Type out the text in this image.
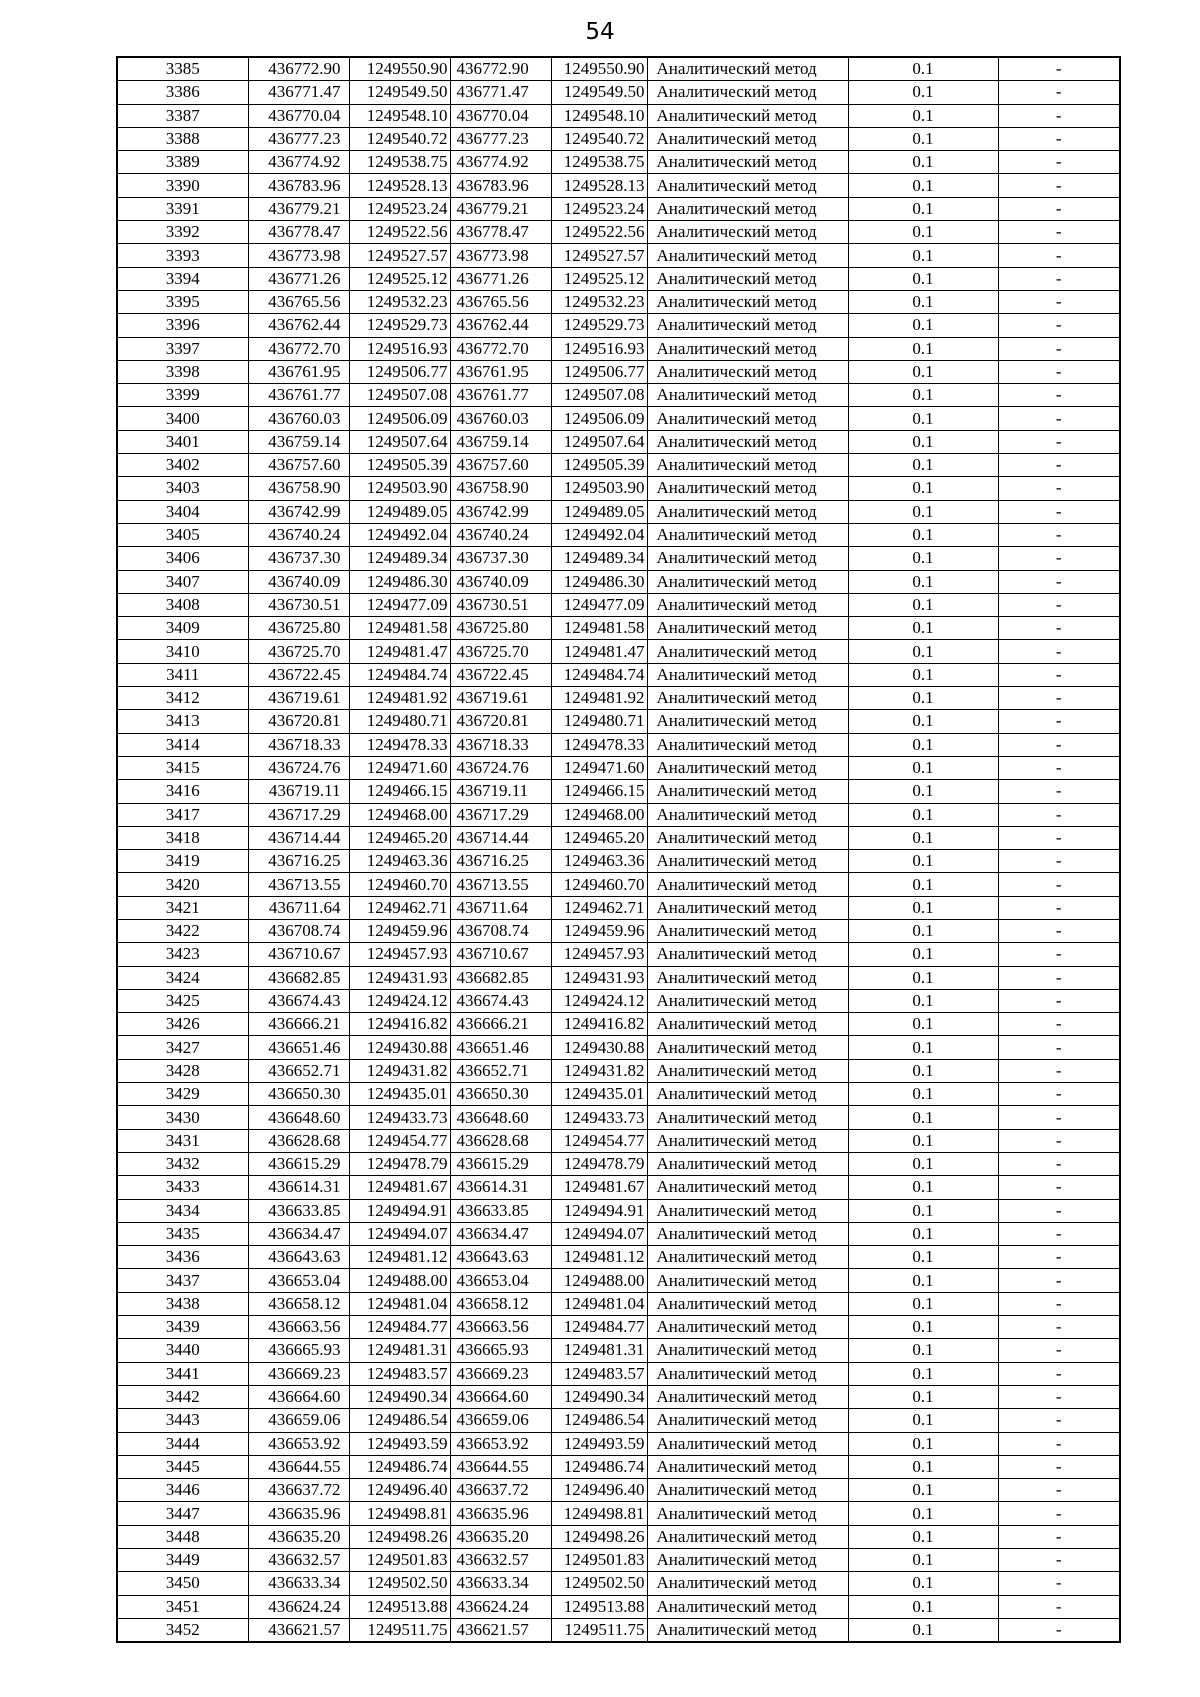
54
3385	436772.90	1249550.90	436772.90	1249550.90	Аналитический метод	0.1	-
3386	436771.47	1249549.50	436771.47	1249549.50	Аналитический метод	0.1	-
3387	436770.04	1249548.10	436770.04	1249548.10	Аналитический метод	0.1	-
3388	436777.23	1249540.72	436777.23	1249540.72	Аналитический метод	0.1	-
3389	436774.92	1249538.75	436774.92	1249538.75	Аналитический метод	0.1	-
3390	436783.96	1249528.13	436783.96	1249528.13	Аналитический метод	0.1	-
3391	436779.21	1249523.24	436779.21	1249523.24	Аналитический метод	0.1	-
3392	436778.47	1249522.56	436778.47	1249522.56	Аналитический метод	0.1	-
3393	436773.98	1249527.57	436773.98	1249527.57	Аналитический метод	0.1	-
3394	436771.26	1249525.12	436771.26	1249525.12	Аналитический метод	0.1	-
3395	436765.56	1249532.23	436765.56	1249532.23	Аналитический метод	0.1	-
3396	436762.44	1249529.73	436762.44	1249529.73	Аналитический метод	0.1	-
3397	436772.70	1249516.93	436772.70	1249516.93	Аналитический метод	0.1	-
3398	436761.95	1249506.77	436761.95	1249506.77	Аналитический метод	0.1	-
3399	436761.77	1249507.08	436761.77	1249507.08	Аналитический метод	0.1	-
3400	436760.03	1249506.09	436760.03	1249506.09	Аналитический метод	0.1	-
3401	436759.14	1249507.64	436759.14	1249507.64	Аналитический метод	0.1	-
3402	436757.60	1249505.39	436757.60	1249505.39	Аналитический метод	0.1	-
3403	436758.90	1249503.90	436758.90	1249503.90	Аналитический метод	0.1	-
3404	436742.99	1249489.05	436742.99	1249489.05	Аналитический метод	0.1	-
3405	436740.24	1249492.04	436740.24	1249492.04	Аналитический метод	0.1	-
3406	436737.30	1249489.34	436737.30	1249489.34	Аналитический метод	0.1	-
3407	436740.09	1249486.30	436740.09	1249486.30	Аналитический метод	0.1	-
3408	436730.51	1249477.09	436730.51	1249477.09	Аналитический метод	0.1	-
3409	436725.80	1249481.58	436725.80	1249481.58	Аналитический метод	0.1	-
3410	436725.70	1249481.47	436725.70	1249481.47	Аналитический метод	0.1	-
3411	436722.45	1249484.74	436722.45	1249484.74	Аналитический метод	0.1	-
3412	436719.61	1249481.92	436719.61	1249481.92	Аналитический метод	0.1	-
3413	436720.81	1249480.71	436720.81	1249480.71	Аналитический метод	0.1	-
3414	436718.33	1249478.33	436718.33	1249478.33	Аналитический метод	0.1	-
3415	436724.76	1249471.60	436724.76	1249471.60	Аналитический метод	0.1	-
3416	436719.11	1249466.15	436719.11	1249466.15	Аналитический метод	0.1	-
3417	436717.29	1249468.00	436717.29	1249468.00	Аналитический метод	0.1	-
3418	436714.44	1249465.20	436714.44	1249465.20	Аналитический метод	0.1	-
3419	436716.25	1249463.36	436716.25	1249463.36	Аналитический метод	0.1	-
3420	436713.55	1249460.70	436713.55	1249460.70	Аналитический метод	0.1	-
3421	436711.64	1249462.71	436711.64	1249462.71	Аналитический метод	0.1	-
3422	436708.74	1249459.96	436708.74	1249459.96	Аналитический метод	0.1	-
3423	436710.67	1249457.93	436710.67	1249457.93	Аналитический метод	0.1	-
3424	436682.85	1249431.93	436682.85	1249431.93	Аналитический метод	0.1	-
3425	436674.43	1249424.12	436674.43	1249424.12	Аналитический метод	0.1	-
3426	436666.21	1249416.82	436666.21	1249416.82	Аналитический метод	0.1	-
3427	436651.46	1249430.88	436651.46	1249430.88	Аналитический метод	0.1	-
3428	436652.71	1249431.82	436652.71	1249431.82	Аналитический метод	0.1	-
3429	436650.30	1249435.01	436650.30	1249435.01	Аналитический метод	0.1	-
3430	436648.60	1249433.73	436648.60	1249433.73	Аналитический метод	0.1	-
3431	436628.68	1249454.77	436628.68	1249454.77	Аналитический метод	0.1	-
3432	436615.29	1249478.79	436615.29	1249478.79	Аналитический метод	0.1	-
3433	436614.31	1249481.67	436614.31	1249481.67	Аналитический метод	0.1	-
3434	436633.85	1249494.91	436633.85	1249494.91	Аналитический метод	0.1	-
3435	436634.47	1249494.07	436634.47	1249494.07	Аналитический метод	0.1	-
3436	436643.63	1249481.12	436643.63	1249481.12	Аналитический метод	0.1	-
3437	436653.04	1249488.00	436653.04	1249488.00	Аналитический метод	0.1	-
3438	436658.12	1249481.04	436658.12	1249481.04	Аналитический метод	0.1	-
3439	436663.56	1249484.77	436663.56	1249484.77	Аналитический метод	0.1	-
3440	436665.93	1249481.31	436665.93	1249481.31	Аналитический метод	0.1	-
3441	436669.23	1249483.57	436669.23	1249483.57	Аналитический метод	0.1	-
3442	436664.60	1249490.34	436664.60	1249490.34	Аналитический метод	0.1	-
3443	436659.06	1249486.54	436659.06	1249486.54	Аналитический метод	0.1	-
3444	436653.92	1249493.59	436653.92	1249493.59	Аналитический метод	0.1	-
3445	436644.55	1249486.74	436644.55	1249486.74	Аналитический метод	0.1	-
3446	436637.72	1249496.40	436637.72	1249496.40	Аналитический метод	0.1	-
3447	436635.96	1249498.81	436635.96	1249498.81	Аналитический метод	0.1	-
3448	436635.20	1249498.26	436635.20	1249498.26	Аналитический метод	0.1	-
3449	436632.57	1249501.83	436632.57	1249501.83	Аналитический метод	0.1	-
3450	436633.34	1249502.50	436633.34	1249502.50	Аналитический метод	0.1	-
3451	436624.24	1249513.88	436624.24	1249513.88	Аналитический метод	0.1	-
3452	436621.57	1249511.75	436621.57	1249511.75	Аналитический метод	0.1	-
